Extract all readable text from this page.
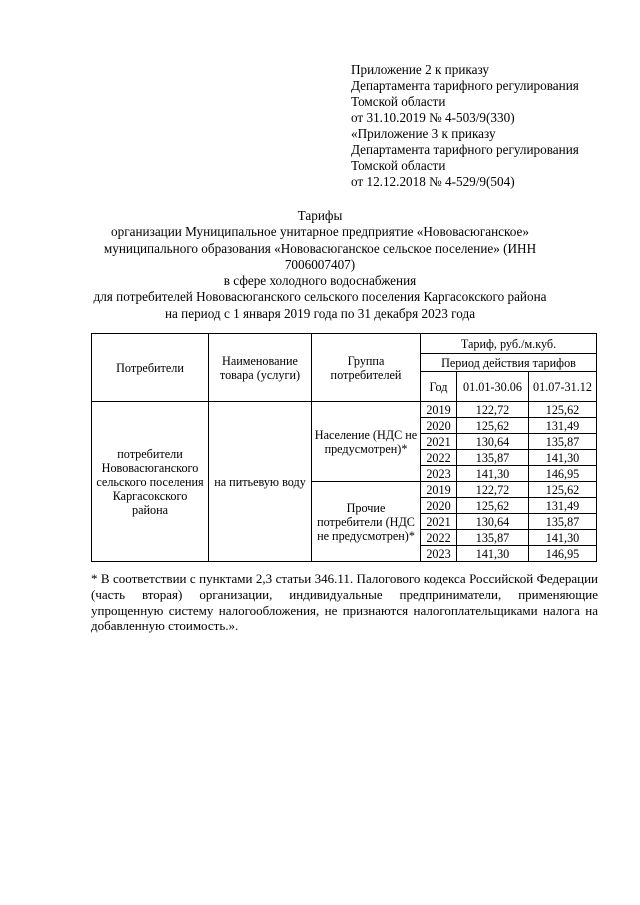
Приложение 2 к приказу
Департамента тарифного регулирования
Томской области
от 31.10.2019 № 4-503/9(330)
«Приложение 3 к приказу
Департамента тарифного регулирования
Томской области
от 12.12.2018 № 4-529/9(504)
Тарифы
организации Муниципальное унитарное предприятие «Нововасюганское»
муниципального образования «Нововасюганское сельское поселение» (ИНН
7006007407)
в сфере холодного водоснабжения
для потребителей Нововасюганского сельского поселения Каргасокского района
на период с 1 января 2019 года по 31 декабря 2023 года
Потребители	Наименование товара (услуги)	Группа потребителей	Тариф, руб./м.куб.		
			Период действия тарифов		
			Год	01.01-30.06	01.07-31.12
потребители Нововасюганского сельского поселения Каргасокского района	на питьевую воду	Население (НДС не предусмотрен)*	2019	122,72	125,62
			2020	125,62	131,49
			2021	130,64	135,87
			2022	135,87	141,30
			2023	141,30	146,95
		Прочие потребители (НДС не предусмотрен)*	2019	122,72	125,62
			2020	125,62	131,49
			2021	130,64	135,87
			2022	135,87	141,30
			2023	141,30	146,95
* В соответствии с пунктами 2,3 статьи 346.11. Палогового кодекса Российской Федерации (часть вторая) организации, индивидуальные предприниматели, применяющие упрощенную систему налогообложения, не признаются налогоплательщиками налога на добавленную стоимость.».
